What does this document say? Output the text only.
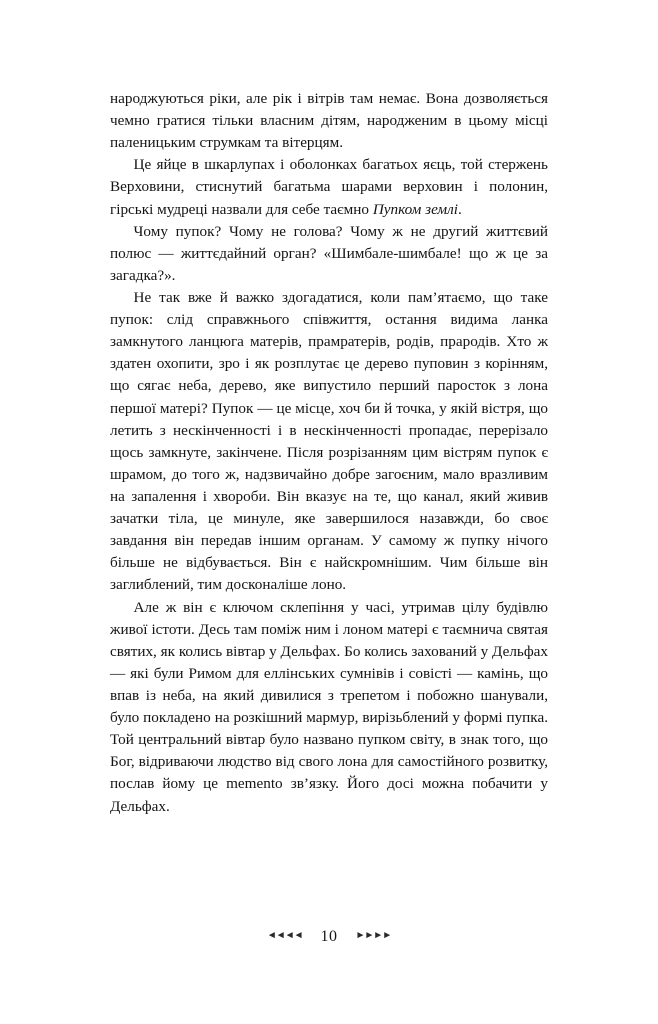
народжуються ріки, але рік і вітрів там немає. Вона дозволяється чемно гратися тільки власним дітям, народженим в цьому місці паленицьким струмкам та вітерцям.

Це яйце в шкарлупах і оболонках багатьох яєць, той стержень Верховини, стиснутий багатьма шарами верховин і полонин, гірські мудреці назвали для себе таємно Пупком землі.

Чому пупок? Чому не голова? Чому ж не другий життєвий полюс — життєдайний орган? «Шимбале-шимбале! що ж це за загадка?».

Не так вже й важко здогадатися, коли пам’ятаємо, що таке пупок: слід справжнього співжиття, остання видима ланка замкнутого ланцюга матерів, прамратерів, родів, прародів. Хто ж здатен охопити, зро і як розплутає це дерево пуповин з корінням, що сягає неба, дерево, яке випустило перший паросток з лона першої матері? Пупок — це місце, хоч би й точка, у якій вістря, що летить з нескінченності і в нескінченності пропадає, перерізало щось замкнуте, закінчене. Після розрізанням цим вістрям пупок є шрамом, до того ж, надзвичайно добре загоєним, мало вразливим на запалення і хвороби. Він вказує на те, що канал, який живив зачатки тіла, це минуле, яке завершилося назавжди, бо своє завдання він передав іншим органам. У самому ж пупку нічого більше не відбувається. Він є найскромнішим. Чим більше він заглиблений, тим досконаліше лоно.

Але ж він є ключом склепіння у часі, утримав цілу будівлю живої істоти. Десь там поміж ним і лоном матері є таємнича святая святих, як колись вівтар у Дельфах. Бо колись захований у Дельфах — які були Римом для еллінських сумнівів і совісті — камінь, що впав із неба, на який дивилися з трепетом і побожно шанували, було покладено на розкішний мармур, вирізьблений у формі пупка. Той центральний вівтар було названо пупком світу, в знак того, що Бог, відриваючи людство від свого лона для самостійного розвитку, послав йому це memento зв’язку. Його досі можна побачити у Дельфах.

◄◄◄◄ 10 ►►►►
